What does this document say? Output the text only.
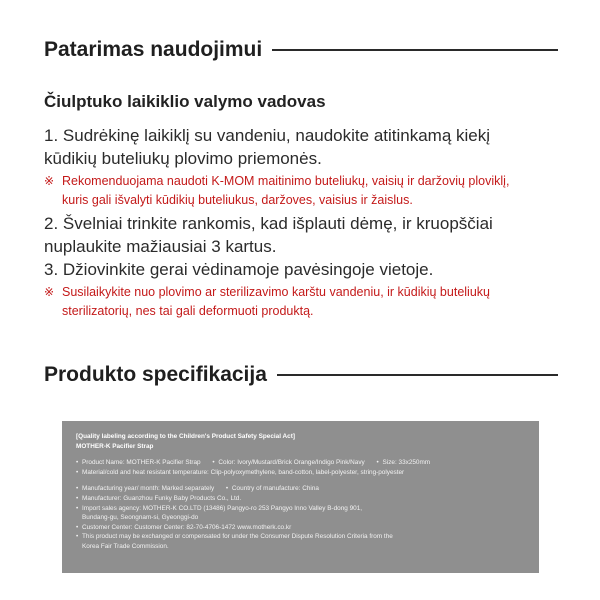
Patarimas naudojimui
Čiulptuko laikiklio valymo vadovas
1. Sudrėkinę laikiklį su vandeniu, naudokite atitinkamą kiekį
kūdikių buteliukų plovimo priemonės.
※ Rekomenduojama naudoti K-MOM maitinimo buteliukų, vaisių ir daržovių ploviklį,
kuris gali išvalyti kūdikių buteliukus, daržoves, vaisius ir žaislus.
2. Švelniai trinkite rankomis, kad išplauti dėmę, ir kruopščiai
nuplaukite mažiausiai 3 kartus.
3. Džiovinkite gerai vėdinamoje pavėsingoje vietoje.
※ Susilaikykite nuo plovimo ar sterilizavimo karštu vandeniu, ir kūdikių buteliukų
sterilizatorių, nes tai gali deformuoti produktą.
Produkto specifikacija
[Quality labeling according to the Children's Product Safety Special Act]
MOTHER-K Pacifier Strap
• Product Name: MOTHER-K Pacifier Strap • Color: Ivory/Mustard/Brick Orange/Indigo Pink/Navy • Size: 33x250mm
• Material/cold and heat resistant temperature: Clip-polyoxymethylene, band-cotton, label-polyester, string-polyester
• Manufacturing year/ month: Marked separately • Country of manufacture: China
• Manufacturer: Guanzhou Funky Baby Products Co., Ltd.
• Import sales agency: MOTHER-K CO.LTD (13486) Pangyo-ro 253 Pangyo Inno Valley B-dong 901,
Bundang-gu, Seongnam-si, Gyeonggi-do
• Customer Center: Customer Center: 82-70-4706-1472 www.motherk.co.kr
• This product may be exchanged or compensated for under the Consumer Dispute Resolution Criteria from the
Korea Fair Trade Commission.
